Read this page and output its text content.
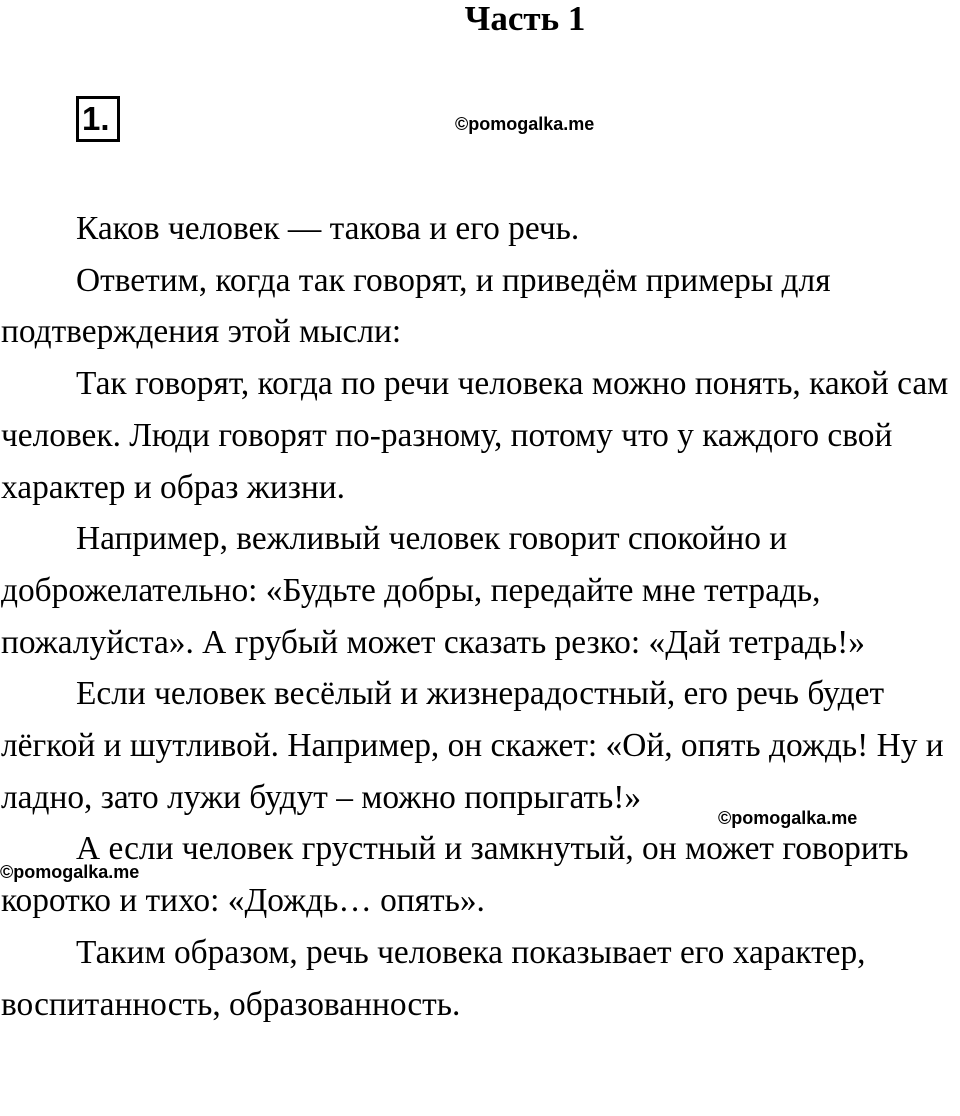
Часть 1
1.	©pomogalka.me

Каков человек — такова и его речь.

Ответим, когда так говорят, и приведём примеры для подтверждения этой мысли:

Так говорят, когда по речи человека можно понять, какой сам человек. Люди говорят по-разному, потому что у каждого свой характер и образ жизни.

Например, вежливый человек говорит спокойно и доброжелательно: «Будьте добры, передайте мне тетрадь, пожалуйста». А грубый может сказать резко: «Дай тетрадь!»

Если человек весёлый и жизнерадостный, его речь будет лёгкой и шутливой. Например, он скажет: «Ой, опять дождь! Ну и ладно, зато лужи будут – можно попрыгать!»

А если человек грустный и замкнутый, он может говорить коротко и тихо: «Дождь… опять».

Таким образом, речь человека показывает его характер, воспитанность, образованность.

©pomogalka.me
©pomogalka.me
